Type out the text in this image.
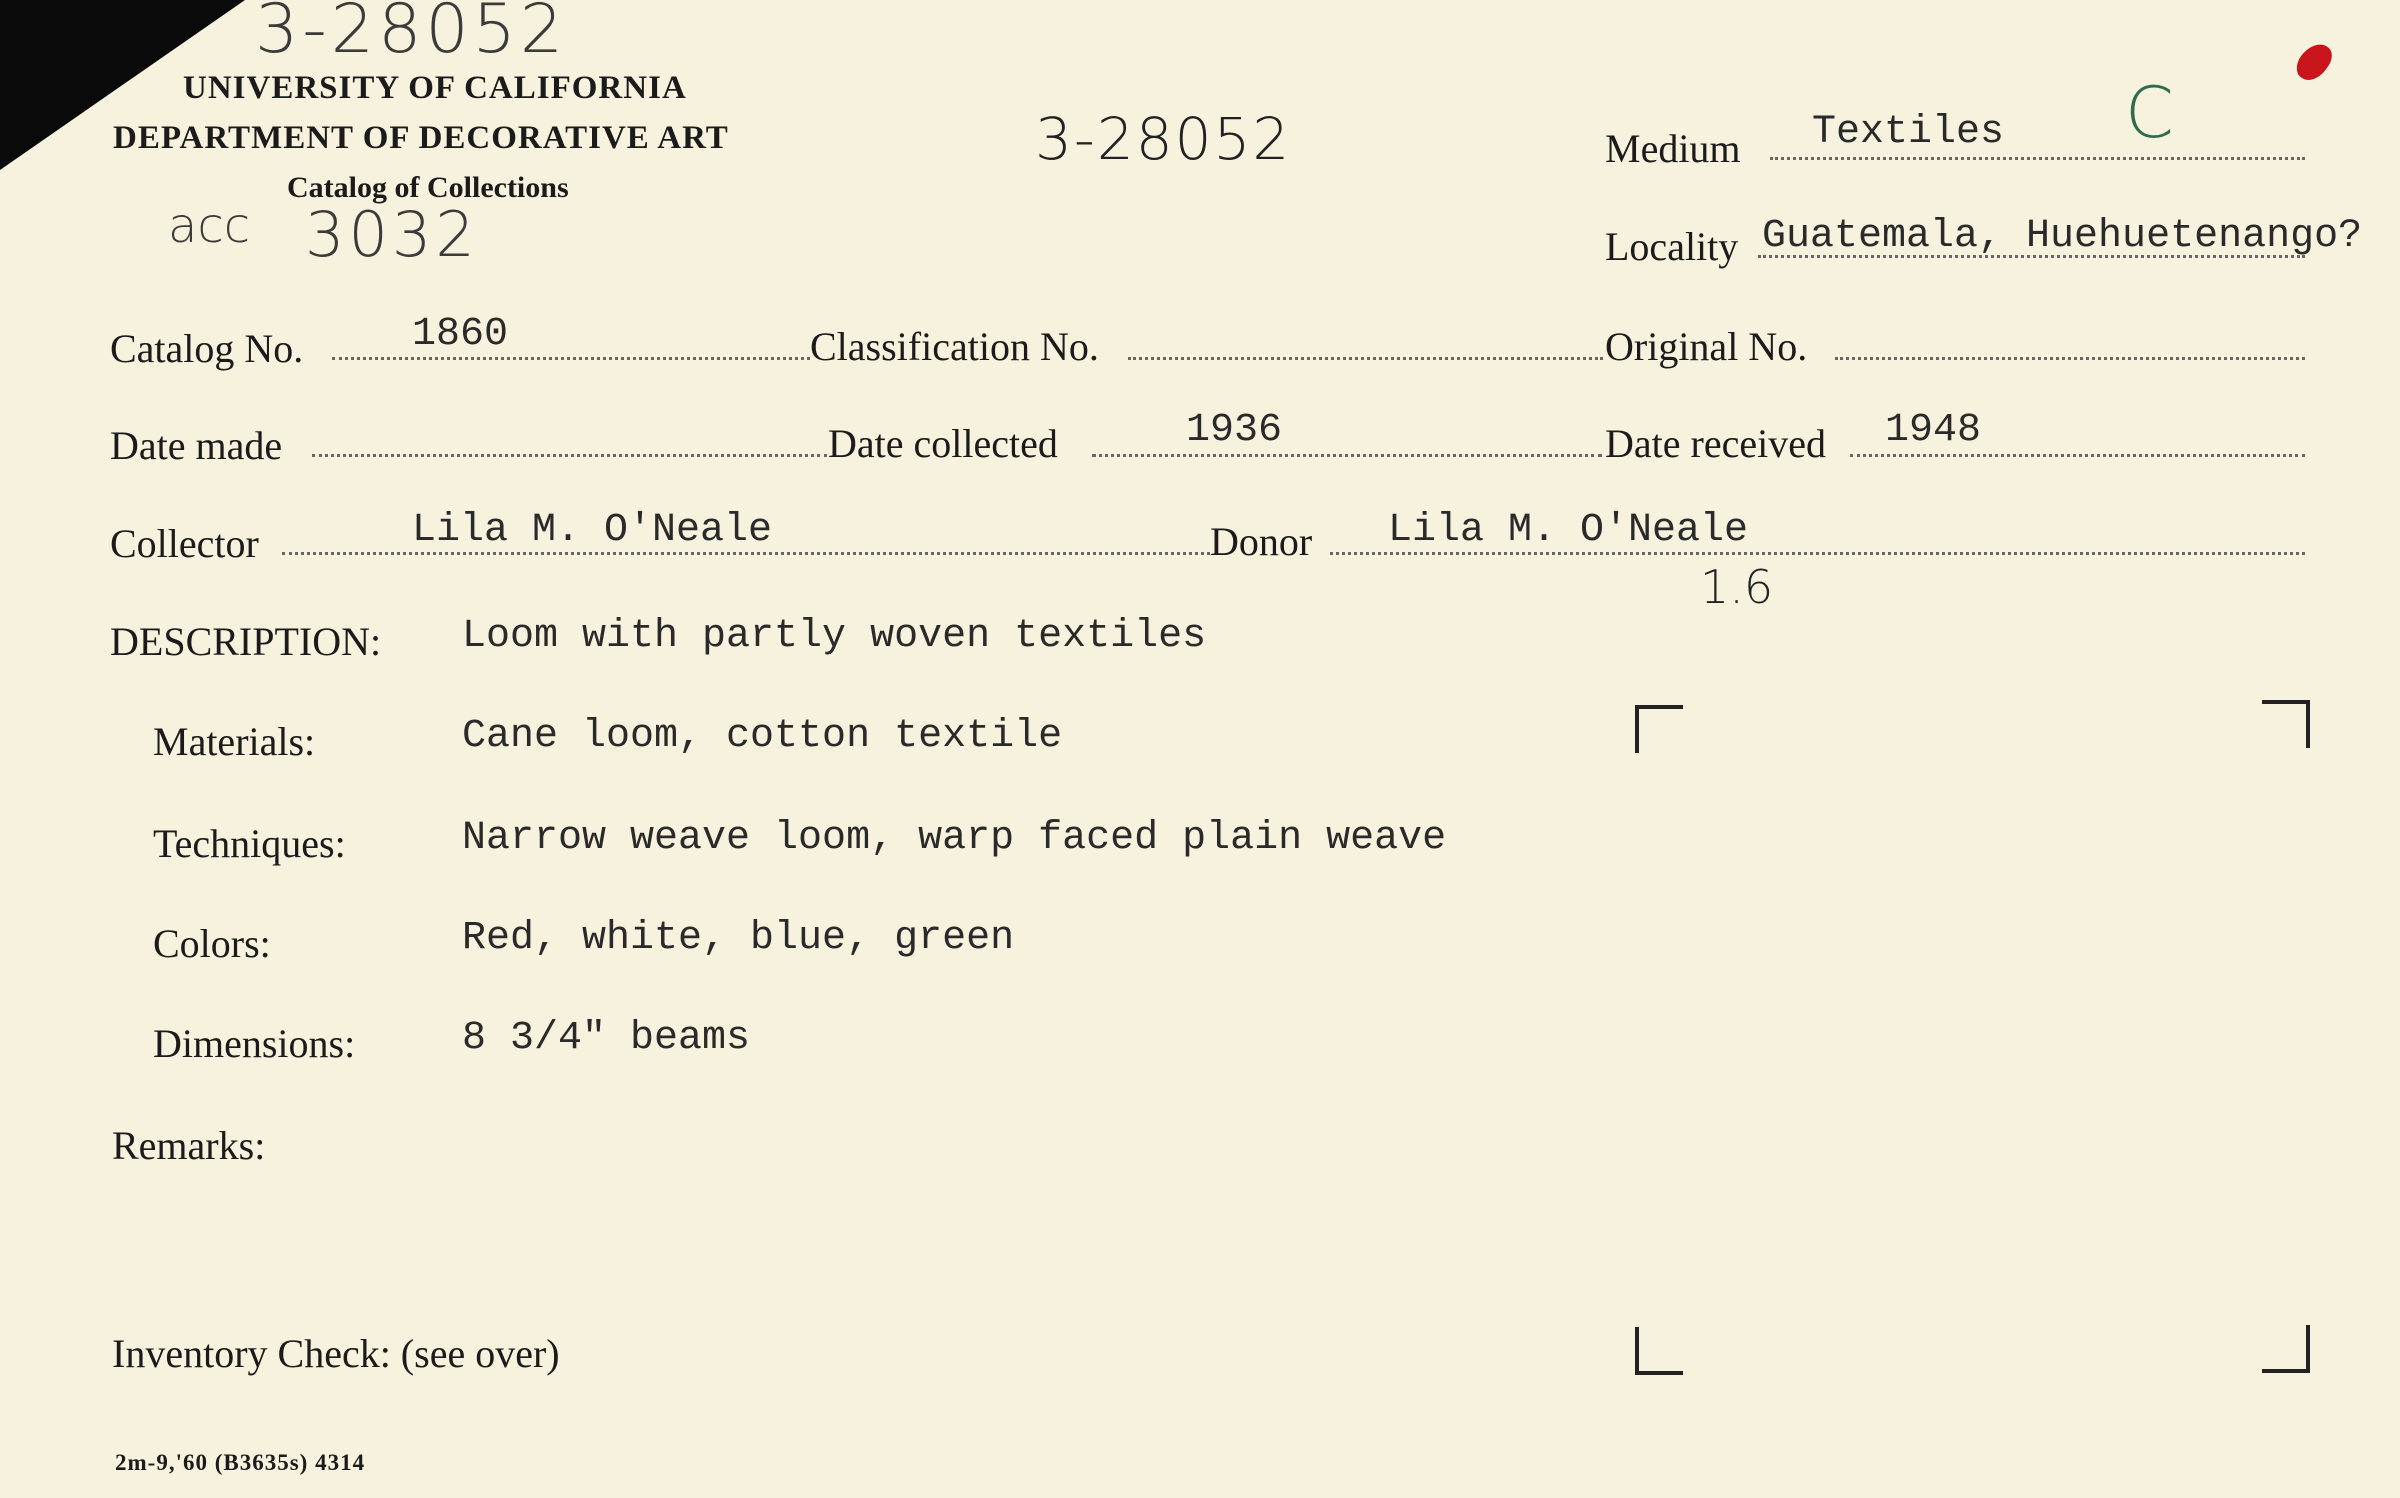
3-28052
3-28052
acc 3032
C
1.6
UNIVERSITY OF CALIFORNIA
DEPARTMENT OF DECORATIVE ART
Catalog of Collections
Medium Textiles
Locality Guatemala, Huehuetenango?
Catalog No.	1860	Classification No.	Original No.
Date made	Date collected	1936	Date received 1948
Collector	Lila M. O'Neale	Donor Lila M. O'Neale
DESCRIPTION: Loom with partly woven textiles
Materials:	Cane loom, cotton textile
Techniques:	Narrow weave loom, warp faced plain weave
Colors:	Red, white, blue, green
Dimensions:	8 3/4" beams
Remarks:
Inventory Check: (see over)
2m-9,'60 (B3635s) 4314
